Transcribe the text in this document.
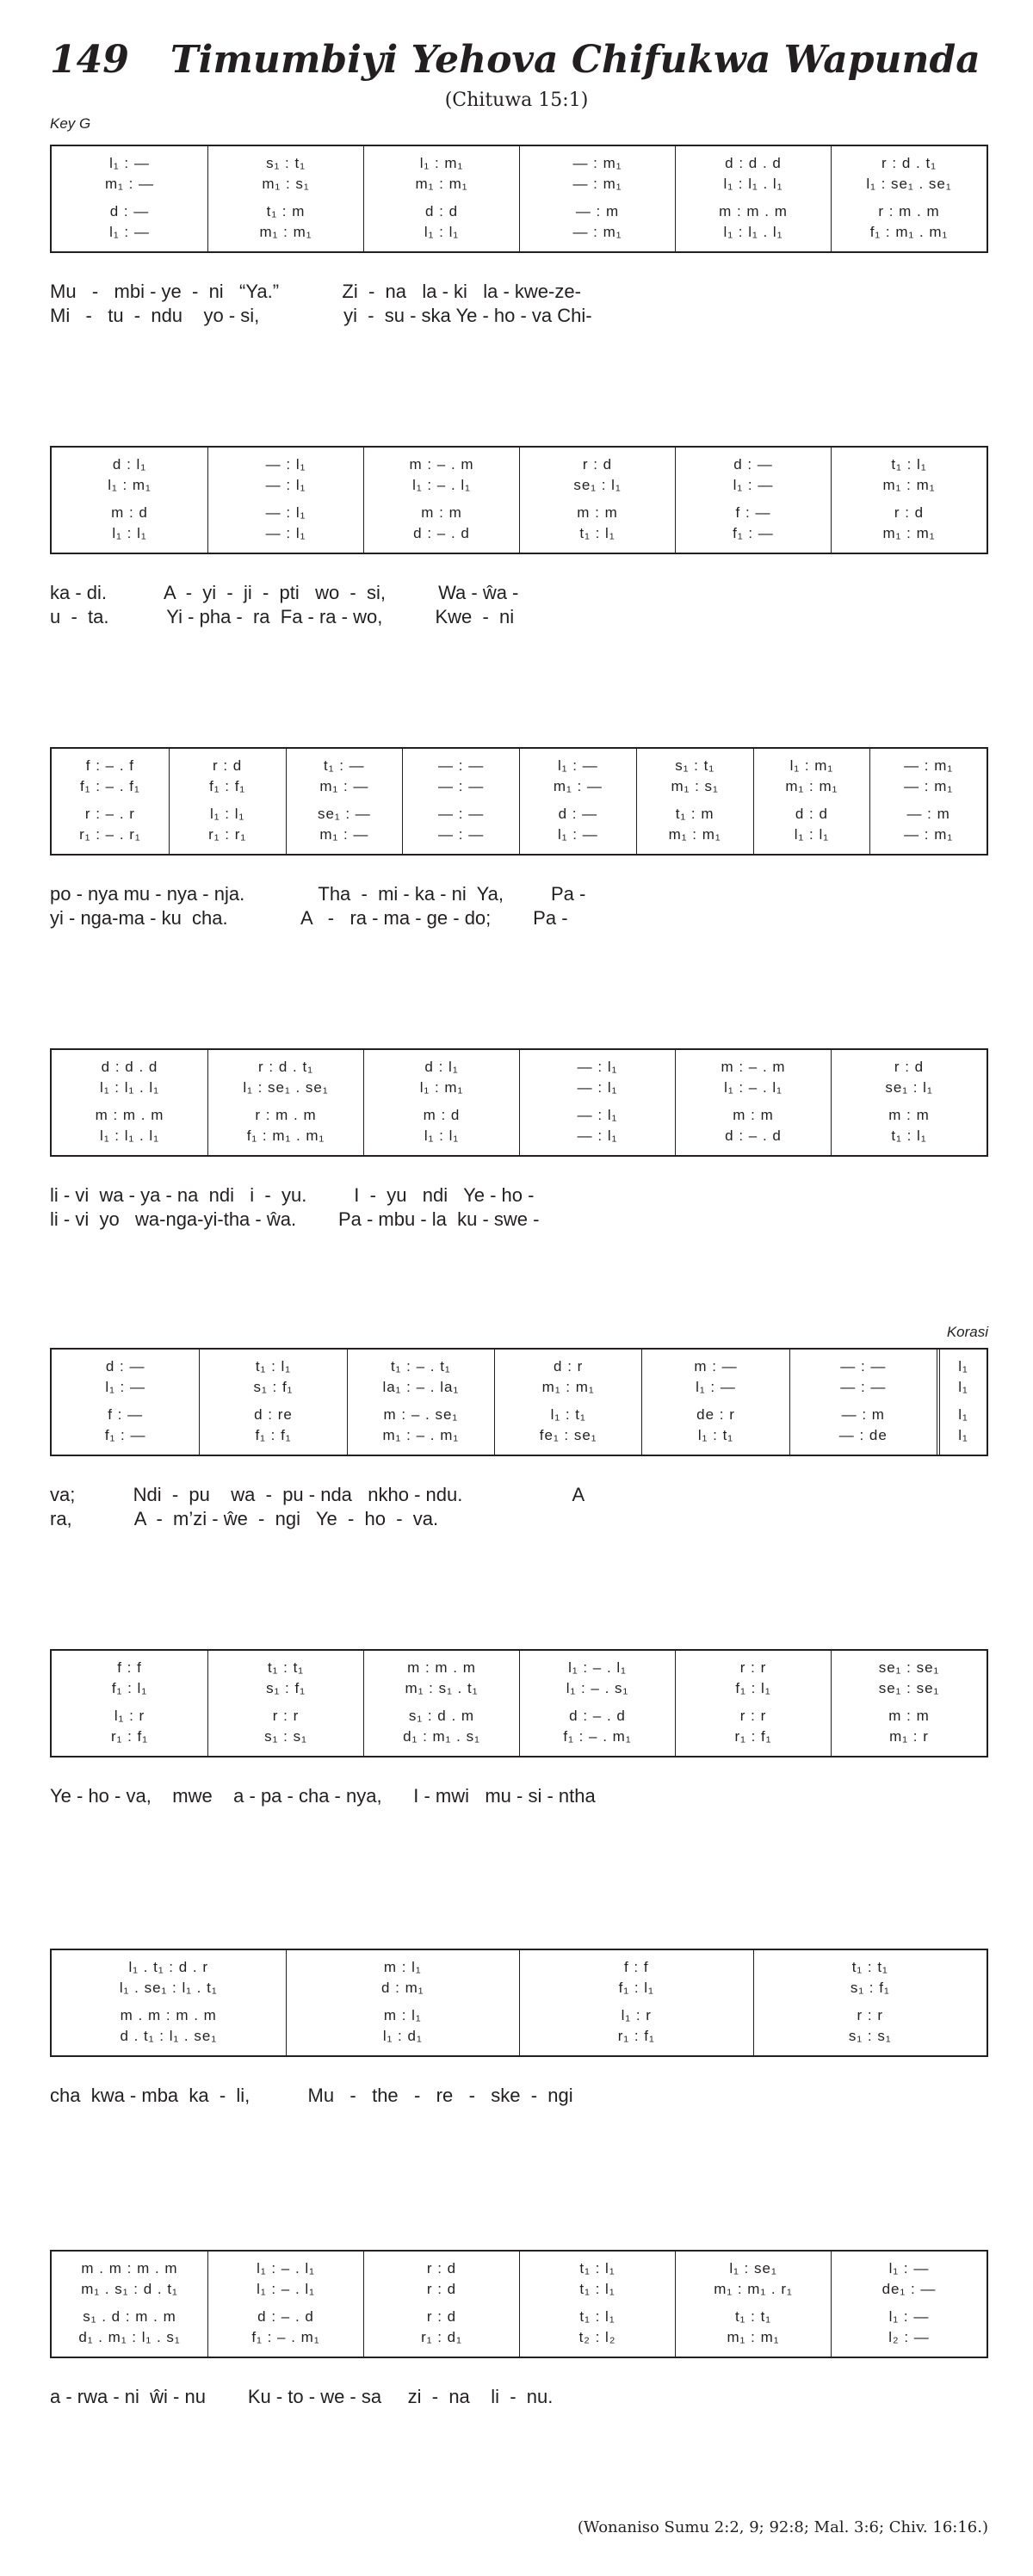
149 Timumbiyi Yehova Chifukwa Wapunda
(Chituwa 15:1)
Key G
l₁ : —
m₁ : —
d : —
l₁ : —
s₁ : t₁
m₁ : s₁
t₁ : m
m₁ : m₁
l₁ : m₁
m₁ : m₁
d : d
l₁ : l₁
— : m₁
— : m₁
— : m
— : m₁
d : d . d
l₁ : l₁ . l₁
m : m . m
l₁ : l₁ . l₁
r : d . t₁
l₁ : se₁ . se₁
r : m . m
f₁ : m₁ . m₁
Mu   -   mbi - ye  -  ni   “Ya.”            Zi  -  na   la - ki   la - kwe-ze-
Mi   -   tu  -  ndu    yo - si,                yi  -  su - ska Ye - ho - va Chi-
d : l₁
l₁ : m₁
m : d
l₁ : l₁
— : l₁
— : l₁
— : l₁
— : l₁
m : – . m
l₁ : – . l₁
m : m
d : – . d
r : d
se₁ : l₁
m : m
t₁ : l₁
d : —
l₁ : —
f : —
f₁ : —
t₁ : l₁
m₁ : m₁
r : d
m₁ : m₁
ka - di.           A  -  yi  -  ji  -  pti   wo  -  si,          Wa - ŵa -
u  -  ta.           Yi - pha -  ra  Fa - ra - wo,          Kwe  -  ni
f : – . f
f₁ : – . f₁
r : – . r
r₁ : – . r₁
r : d
f₁ : f₁
l₁ : l₁
r₁ : r₁
t₁ : —
m₁ : —
se₁ : —
m₁ : —
— : —
— : —
— : —
— : —
l₁ : —
m₁ : —
d : —
l₁ : —
s₁ : t₁
m₁ : s₁
t₁ : m
m₁ : m₁
l₁ : m₁
m₁ : m₁
d : d
l₁ : l₁
— : m₁
— : m₁
— : m
— : m₁
po - nya mu - nya - nja.              Tha  -  mi - ka - ni  Ya,         Pa -
yi - nga-ma - ku  cha.              A   -   ra - ma - ge - do;        Pa -
d : d . d
l₁ : l₁ . l₁
m : m . m
l₁ : l₁ . l₁
r : d . t₁
l₁ : se₁ . se₁
r : m . m
f₁ : m₁ . m₁
d : l₁
l₁ : m₁
m : d
l₁ : l₁
— : l₁
— : l₁
— : l₁
— : l₁
m : – . m
l₁ : – . l₁
m : m
d : – . d
r : d
se₁ : l₁
m : m
t₁ : l₁
li - vi  wa - ya - na  ndi   i  -  yu.         I  -  yu   ndi   Ye - ho -
li - vi  yo   wa-nga-yi-tha - ŵa.        Pa - mbu - la  ku - swe -
Korasi
d : —
l₁ : —
f : —
f₁ : —
t₁ : l₁
s₁ : f₁
d : re
f₁ : f₁
t₁ : – . t₁
la₁ : – . la₁
m : – . se₁
m₁ : – . m₁
d : r
m₁ : m₁
l₁ : t₁
fe₁ : se₁
m : —
l₁ : —
de : r
l₁ : t₁
— : —
— : —
— : m
— : de
l₁
l₁
l₁
l₁
va;           Ndi  -  pu    wa  -  pu - nda   nkho - ndu.                     A
ra,            A  -  m’zi - ŵe  -  ngi   Ye  -  ho  -  va.
f : f
f₁ : l₁
l₁ : r
r₁ : f₁
t₁ : t₁
s₁ : f₁
r : r
s₁ : s₁
m : m . m
m₁ : s₁ . t₁
s₁ : d . m
d₁ : m₁ . s₁
l₁ : – . l₁
l₁ : – . s₁
d : – . d
f₁ : – . m₁
r : r
f₁ : l₁
r : r
r₁ : f₁
se₁ : se₁
se₁ : se₁
m : m
m₁ : r
Ye - ho - va,    mwe    a - pa - cha - nya,      I - mwi   mu - si - ntha
l₁ . t₁ : d . r
l₁ . se₁ : l₁ . t₁
m . m : m . m
d . t₁ : l₁ . se₁
m : l₁
d : m₁
m : l₁
l₁ : d₁
f : f
f₁ : l₁
l₁ : r
r₁ : f₁
t₁ : t₁
s₁ : f₁
r : r
s₁ : s₁
cha  kwa - mba  ka  -  li,           Mu   -   the   -   re   -   ske  -  ngi
m . m : m . m
m₁ . s₁ : d . t₁
s₁ . d : m . m
d₁ . m₁ : l₁ . s₁
l₁ : – . l₁
l₁ : – . l₁
d : – . d
f₁ : – . m₁
r : d
r : d
r : d
r₁ : d₁
t₁ : l₁
t₁ : l₁
t₁ : l₁
t₂ : l₂
l₁ : se₁
m₁ : m₁ . r₁
t₁ : t₁
m₁ : m₁
l₁ : —
de₁ : —
l₁ : —
l₂ : —
a - rwa - ni  ŵi - nu        Ku - to - we - sa     zi  -  na    li  -  nu.
(Wonaniso Sumu 2:2, 9; 92:8; Mal. 3:6; Chiv. 16:16.)
